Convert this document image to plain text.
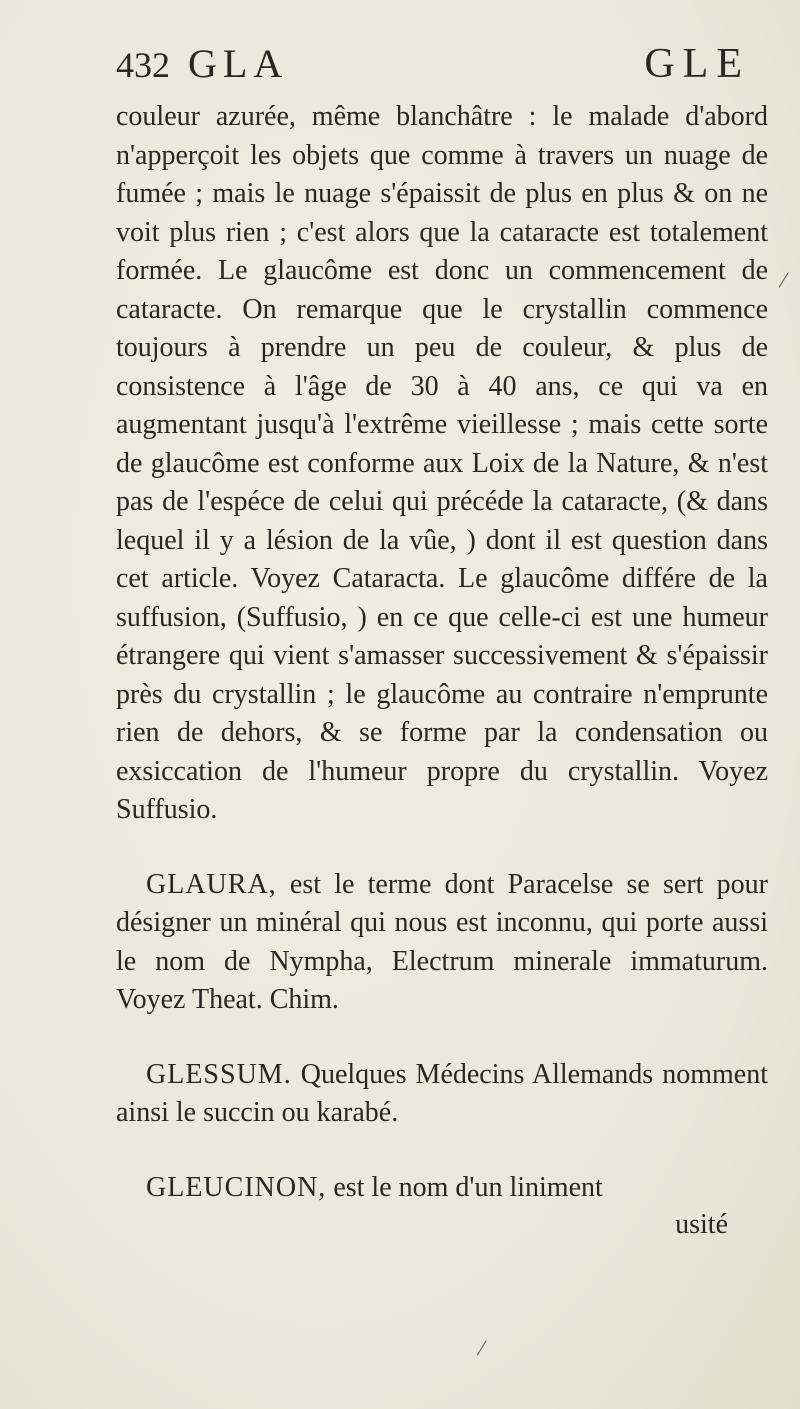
432 GLA	GLE

couleur azurée, même blanchâtre : le malade d'abord n'apperçoit les objets que comme à travers un nuage de fumée ; mais le nuage s'épaissit de plus en plus & on ne voit plus rien ; c'est alors que la cataracte est totalement formée. Le glaucôme est donc un commencement de cataracte. On remarque que le crystallin commence toujours à prendre un peu de couleur, & plus de consistence à l'âge de 30 à 40 ans, ce qui va en augmentant jusqu'à l'extrême vieillesse ; mais cette sorte de glaucôme est conforme aux Loix de la Nature, & n'est pas de l'espéce de celui qui précéde la cataracte, (& dans lequel il y a lésion de la vûe, ) dont il est question dans cet article. Voyez Cataracta. Le glaucôme différe de la suffusion, (Suffusio, ) en ce que celle-ci est une humeur étrangere qui vient s'amasser successivement & s'épaissir près du crystallin ; le glaucôme au contraire n'emprunte rien de dehors, & se forme par la condensation ou exsiccation de l'humeur propre du crystallin. Voyez Suffusio.

GLAURA, est le terme dont Paracelse se sert pour désigner un minéral qui nous est inconnu, qui porte aussi le nom de Nympha, Electrum minerale immaturum. Voyez Theat. Chim.

GLESSUM. Quelques Médecins Allemands nomment ainsi le succin ou karabé.

GLEUCINON, est le nom d'un liniment

usité
⁄
⁄
